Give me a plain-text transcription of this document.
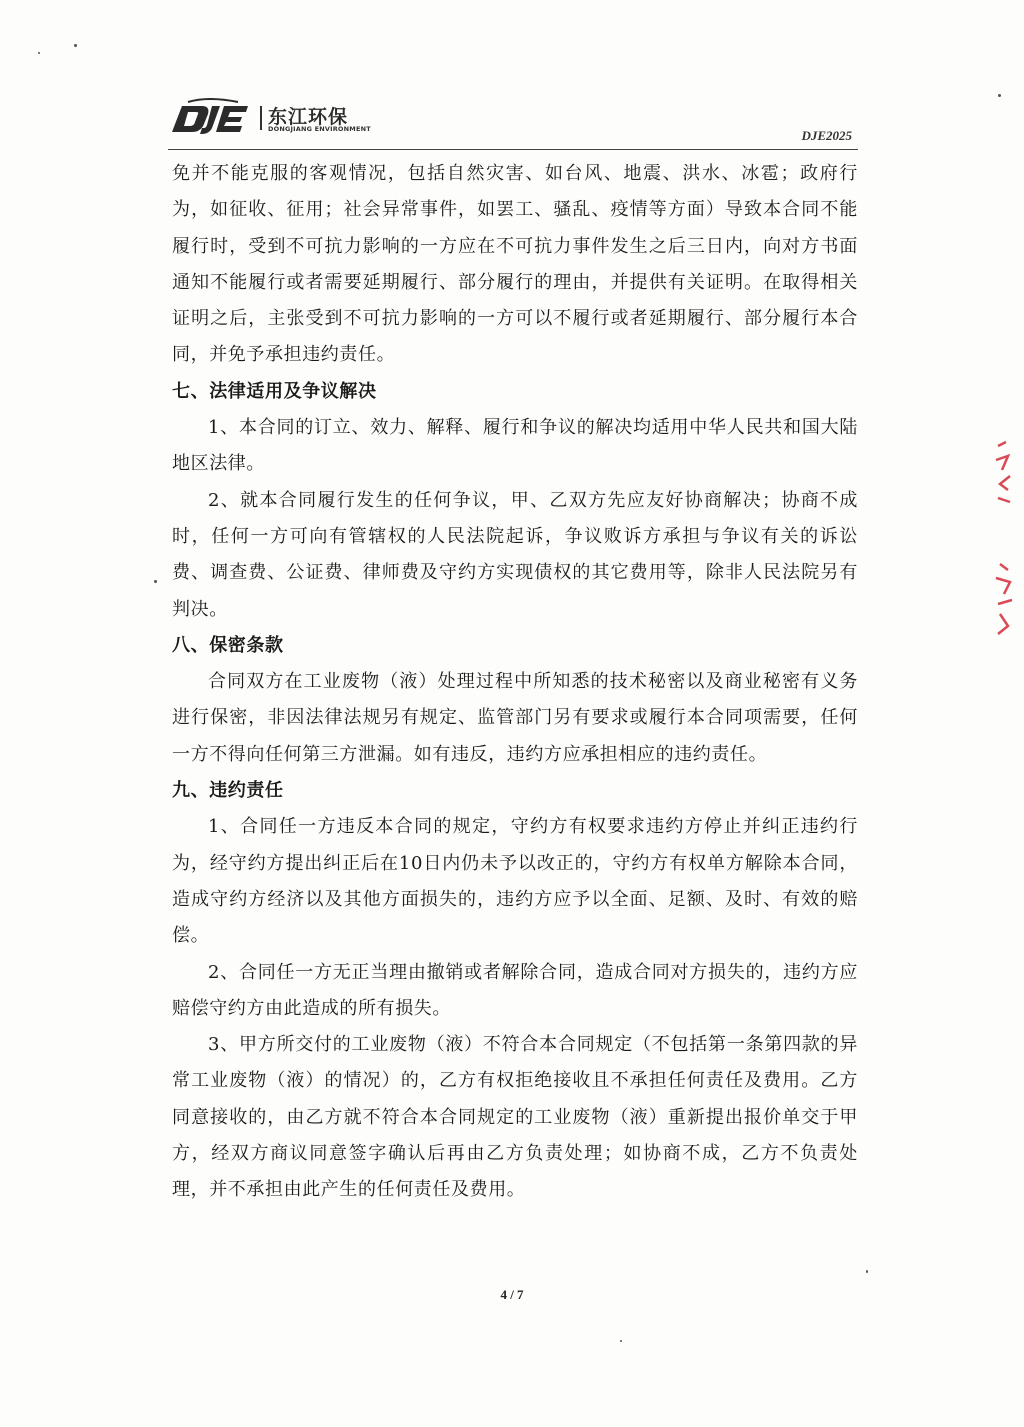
东江环保
DONGJIANG ENVIRONMENT	DJE2025

免并不能克服的客观情况，包括自然灾害、如台风、地震、洪水、冰雹；政府行为，如征收、征用；社会异常事件，如罢工、骚乱、疫情等方面）导致本合同不能履行时，受到不可抗力影响的一方应在不可抗力事件发生之后三日内，向对方书面通知不能履行或者需要延期履行、部分履行的理由，并提供有关证明。在取得相关证明之后，主张受到不可抗力影响的一方可以不履行或者延期履行、部分履行本合同，并免予承担违约责任。

七、法律适用及争议解决

1、本合同的订立、效力、解释、履行和争议的解决均适用中华人民共和国大陆地区法律。

2、就本合同履行发生的任何争议，甲、乙双方先应友好协商解决；协商不成时，任何一方可向有管辖权的人民法院起诉，争议败诉方承担与争议有关的诉讼费、调查费、公证费、律师费及守约方实现债权的其它费用等，除非人民法院另有判决。

八、保密条款

合同双方在工业废物（液）处理过程中所知悉的技术秘密以及商业秘密有义务进行保密，非因法律法规另有规定、监管部门另有要求或履行本合同项需要，任何一方不得向任何第三方泄漏。如有违反，违约方应承担相应的违约责任。

九、违约责任

1、合同任一方违反本合同的规定，守约方有权要求违约方停止并纠正违约行为，经守约方提出纠正后在10日内仍未予以改正的，守约方有权单方解除本合同，造成守约方经济以及其他方面损失的，违约方应予以全面、足额、及时、有效的赔偿。

2、合同任一方无正当理由撤销或者解除合同，造成合同对方损失的，违约方应赔偿守约方由此造成的所有损失。

3、甲方所交付的工业废物（液）不符合本合同规定（不包括第一条第四款的异常工业废物（液）的情况）的，乙方有权拒绝接收且不承担任何责任及费用。乙方同意接收的，由乙方就不符合本合同规定的工业废物（液）重新提出报价单交于甲方，经双方商议同意签字确认后再由乙方负责处理；如协商不成，乙方不负责处理，并不承担由此产生的任何责任及费用。

4 / 7
